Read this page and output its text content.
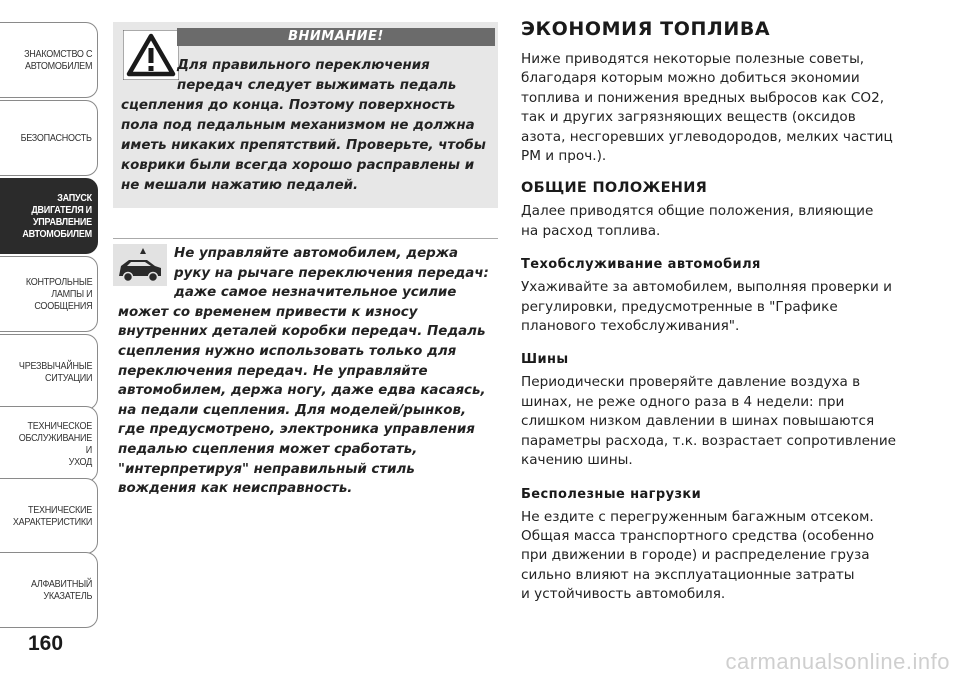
ЗНАКОМСТВО С
АВТОМОБИЛЕМ
БЕЗОПАСНОСТЬ
ЗАПУСК
ДВИГАТЕЛЯ И
УПРАВЛЕНИЕ
АВТОМОБИЛЕМ
КОНТРОЛЬНЫЕ
ЛАМПЫ И
СООБЩЕНИЯ
ЧРЕЗВЫЧАЙНЫЕ
СИТУАЦИИ
ТЕХНИЧЕСКОЕ
ОБСЛУЖИВАНИЕ И
УХОД
ТЕХНИЧЕСКИЕ
ХАРАКТЕРИСТИКИ
АЛФАВИТНЫЙ
УКАЗАТЕЛЬ
160
ВНИМАНИЕ!
Для правильного переключения передач следует выжимать педаль
сцепления до конца. Поэтому поверхность пола под педальным механизмом не должна иметь никаких препятствий. Проверьте, чтобы коврики были всегда хорошо расправлены и не мешали нажатию педалей.
Не управляйте автомобилем, держа руку на рычаге переключения передач: даже самое незначительное усилие
может со временем привести к износу внутренних деталей коробки передач. Педаль сцепления нужно использовать только для переключения передач. Не управляйте автомобилем, держа ногу, даже едва касаясь, на педали сцепления. Для моделей/рынков, где предусмотрено, электроника управления педалью сцепления может сработать, "интерпретируя" неправильный стиль вождения как неисправность.
ЭКОНОМИЯ ТОПЛИВА

Ниже приводятся некоторые полезные советы,
благодаря которым можно добиться экономии
топлива и понижения вредных выбросов как CO2,
так и других загрязняющих веществ (оксидов
азота, несгоревших углеводородов, мелких частиц
PM и проч.).

ОБЩИЕ ПОЛОЖЕНИЯ

Далее приводятся общие положения, влияющие
на расход топлива.

Техобслуживание автомобиля

Ухаживайте за автомобилем, выполняя проверки и
регулировки, предусмотренные в "Графике
планового техобслуживания".

Шины

Периодически проверяйте давление воздуха в
шинах, не реже одного раза в 4 недели: при
слишком низком давлении в шинах повышаются
параметры расхода, т.к. возрастает сопротивление
качению шины.

Бесполезные нагрузки

Не ездите с перегруженным багажным отсеком.
Общая масса транспортного средства (особенно
при движении в городе) и распределение груза
сильно влияют на эксплуатационные затраты
и устойчивость автомобиля.

carmanualsonline.info
